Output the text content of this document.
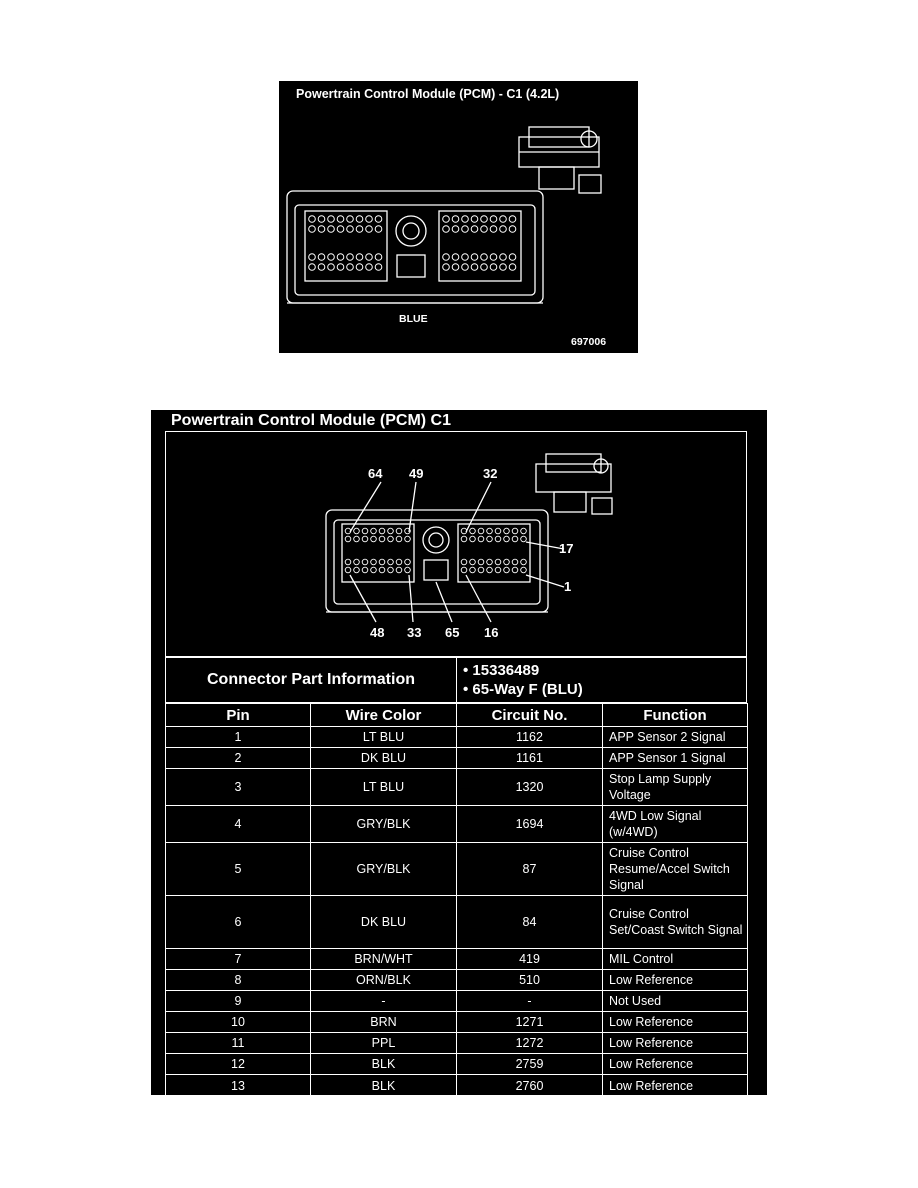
Powertrain Control Module (PCM) - C1 (4.2L)
BLUE
697006
Powertrain Control Module (PCM) C1
64 49	32
17
1
48 33 65 16
Connector Part Information	
• 15336489
• 65-Way F (BLU)
Pin	Wire Color	Circuit No.	Function
1	LT BLU	1162	APP Sensor 2 Signal
2	DK BLU	1161	APP Sensor 1 Signal
3	LT BLU	1320	Stop Lamp Supply Voltage
4	GRY/BLK	1694	4WD Low Signal (w/4WD)
5	GRY/BLK	87	Cruise Control Resume/Accel Switch Signal
6	DK BLU	84	Cruise Control Set/Coast Switch Signal
7	BRN/WHT	419	MIL Control
8	ORN/BLK	510	Low Reference
9	-	-	Not Used
10	BRN	1271	Low Reference
11	PPL	1272	Low Reference
12	BLK	2759	Low Reference
13	BLK	2760	Low Reference
